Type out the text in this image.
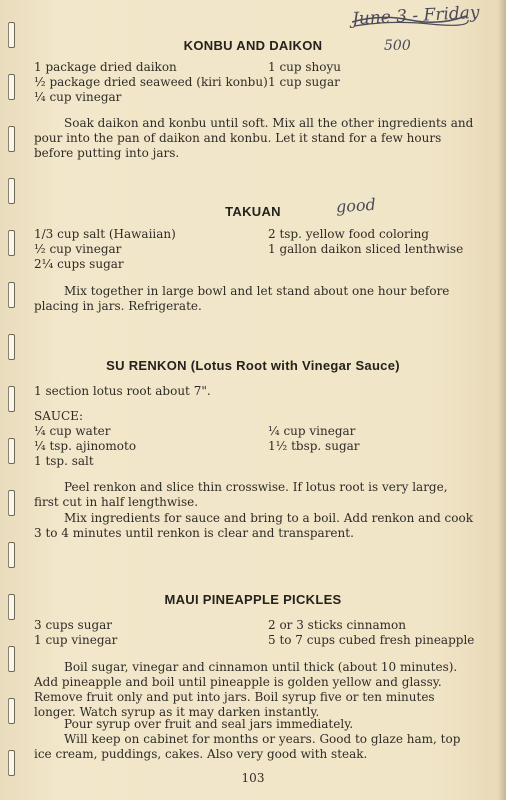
June 3 - Friday
500
good
KONBU AND DAIKON
1 package dried daikon
½ package dried seaweed (kiri konbu)
¼ cup vinegar
1 cup shoyu
1 cup sugar
Soak daikon and konbu until soft. Mix all the other ingredients and pour into the pan of daikon and konbu. Let it stand for a few hours before putting into jars.
TAKUAN
1/3 cup salt (Hawaiian)
½ cup vinegar
2¼ cups sugar
2 tsp. yellow food coloring
1 gallon daikon sliced lenthwise
Mix together in large bowl and let stand about one hour before placing in jars. Refrigerate.
SU RENKON (Lotus Root with Vinegar Sauce)
1 section lotus root about 7".
SAUCE:
¼ cup water
¼ tsp. ajinomoto
1 tsp. salt
¼ cup vinegar
1½ tbsp. sugar
Peel renkon and slice thin crosswise. If lotus root is very large, first cut in half lengthwise.
Mix ingredients for sauce and bring to a boil. Add renkon and cook 3 to 4 minutes until renkon is clear and transparent.
MAUI PINEAPPLE PICKLES
3 cups sugar
1 cup vinegar
2 or 3 sticks cinnamon
5 to 7 cups cubed fresh pineapple
Boil sugar, vinegar and cinnamon until thick (about 10 minutes). Add pineapple and boil until pineapple is golden yellow and glassy. Remove fruit only and put into jars. Boil syrup five or ten minutes longer. Watch syrup as it may darken instantly.
Pour syrup over fruit and seal jars immediately.
Will keep on cabinet for months or years. Good to glaze ham, top ice cream, puddings, cakes. Also very good with steak.
103
